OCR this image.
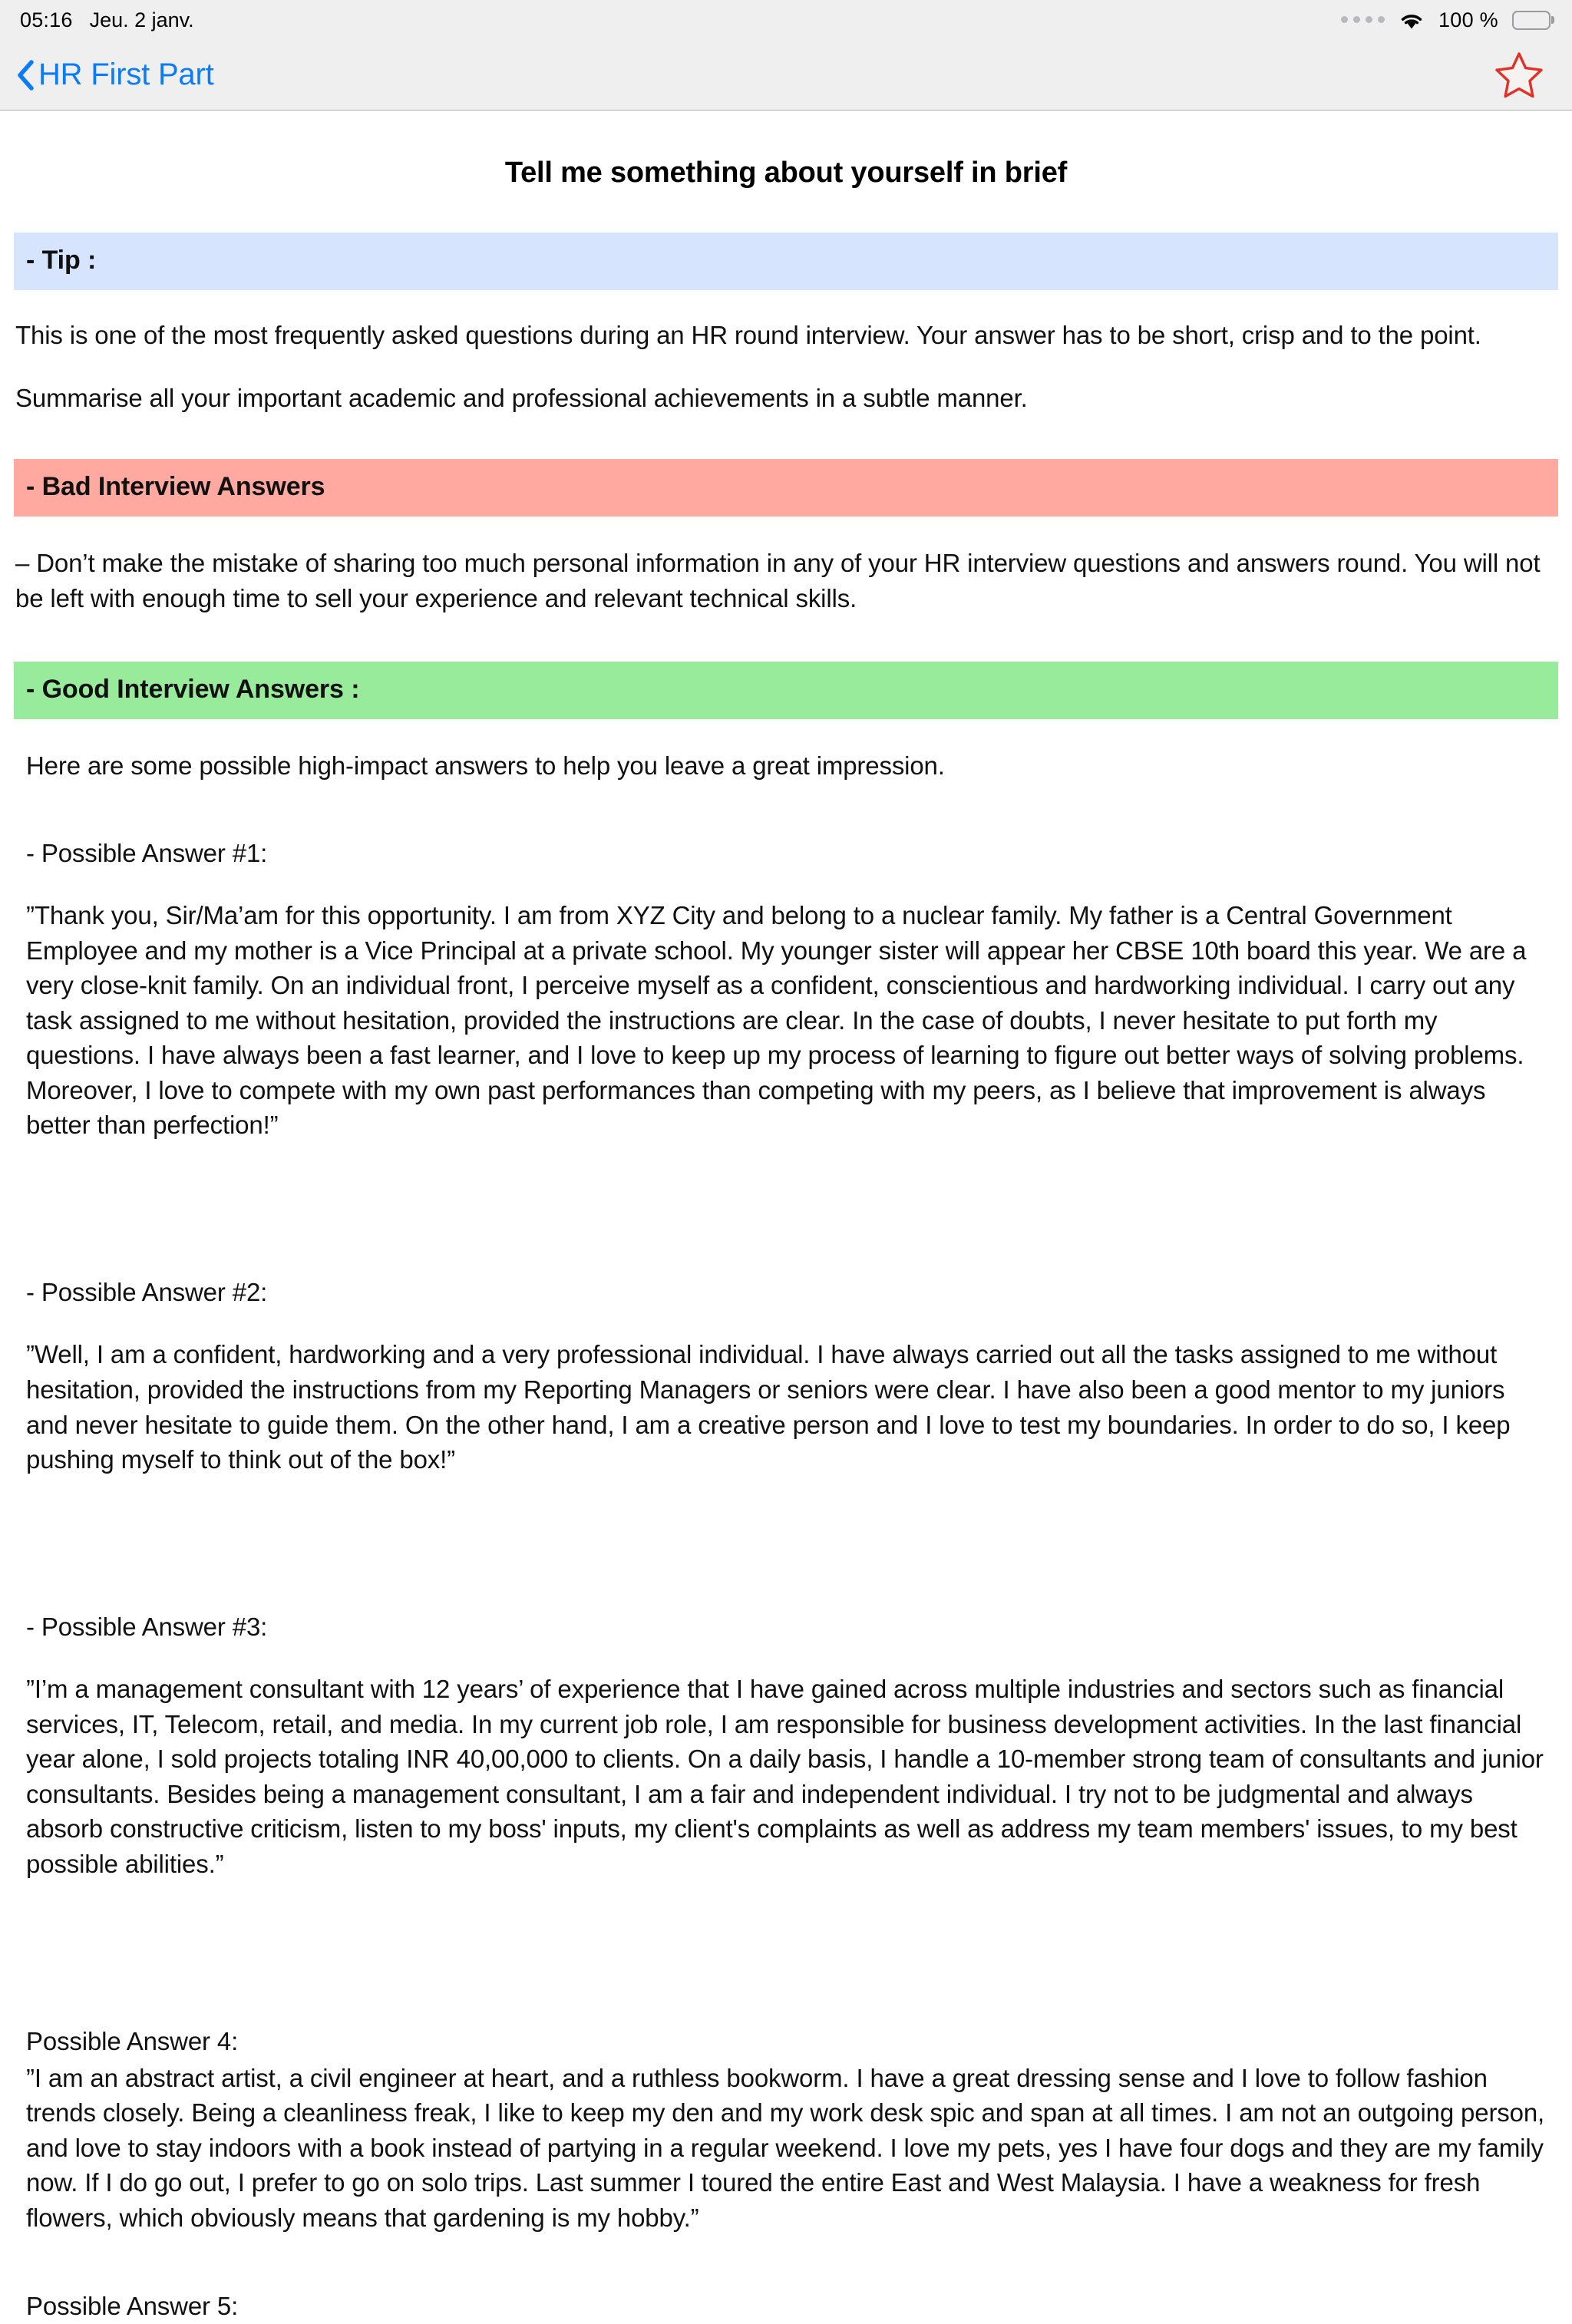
05:16 Jeu. 2 janv.	100 %
HR First Part
Tell me something about yourself in brief
- Tip :

This is one of the most frequently asked questions during an HR round interview. Your answer has to be short, crisp and to the point.

Summarise all your important academic and professional achievements in a subtle manner.

- Bad Interview Answers

– Don’t make the mistake of sharing too much personal information in any of your HR interview questions and answers round. You will not be left with enough time to sell your experience and relevant technical skills.

- Good Interview Answers :

Here are some possible high-impact answers to help you leave a great impression.

- Possible Answer #1:

”Thank you, Sir/Ma’am for this opportunity. I am from XYZ City and belong to a nuclear family. My father is a Central Government Employee and my mother is a Vice Principal at a private school. My younger sister will appear her CBSE 10th board this year. We are a very close-knit family. On an individual front, I perceive myself as a confident, conscientious and hardworking individual. I carry out any task assigned to me without hesitation, provided the instructions are clear. In the case of doubts, I never hesitate to put forth my questions. I have always been a fast learner, and I love to keep up my process of learning to figure out better ways of solving problems. Moreover, I love to compete with my own past performances than competing with my peers, as I believe that improvement is always better than perfection!”

- Possible Answer #2:

”Well, I am a confident, hardworking and a very professional individual. I have always carried out all the tasks assigned to me without hesitation, provided the instructions from my Reporting Managers or seniors were clear. I have also been a good mentor to my juniors and never hesitate to guide them. On the other hand, I am a creative person and I love to test my boundaries. In order to do so, I keep pushing myself to think out of the box!”

- Possible Answer #3:

”I’m a management consultant with 12 years’ of experience that I have gained across multiple industries and sectors such as financial services, IT, Telecom, retail, and media. In my current job role, I am responsible for business development activities. In the last financial year alone, I sold projects totaling INR 40,00,000 to clients. On a daily basis, I handle a 10-member strong team of consultants and junior consultants. Besides being a management consultant, I am a fair and independent individual. I try not to be judgmental and always absorb constructive criticism, listen to my boss' inputs, my client's complaints as well as address my team members' issues, to my best possible abilities.”

Possible Answer 4:

”I am an abstract artist, a civil engineer at heart, and a ruthless bookworm. I have a great dressing sense and I love to follow fashion trends closely. Being a cleanliness freak, I like to keep my den and my work desk spic and span at all times. I am not an outgoing person, and love to stay indoors with a book instead of partying in a regular weekend. I love my pets, yes I have four dogs and they are my family now. If I do go out, I prefer to go on solo trips. Last summer I toured the entire East and West Malaysia. I have a weakness for fresh flowers, which obviously means that gardening is my hobby.”

Possible Answer 5:
